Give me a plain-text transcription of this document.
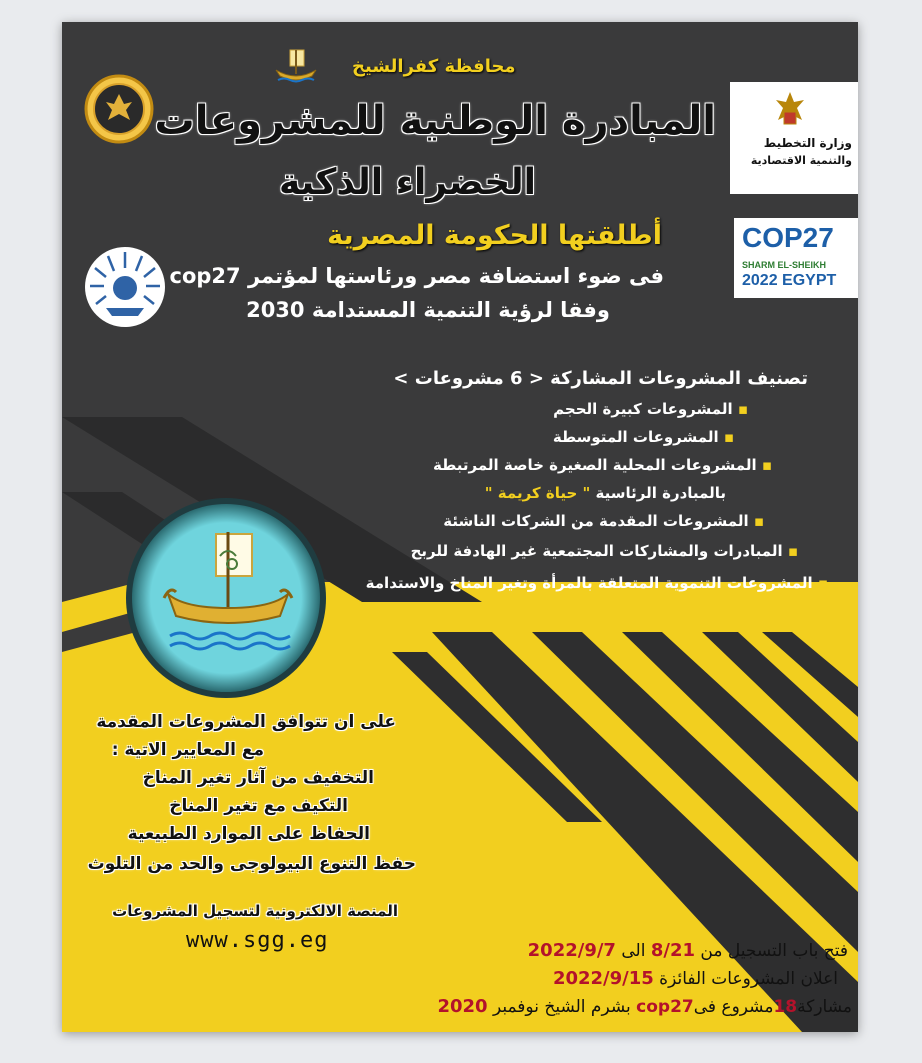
محافظة كفرالشيخ
المبادرة الوطنية للمشروعات
الخضراء الذكية
وزارة التخطيط
والتنمية الاقتصادية
COP27
SHARM EL-SHEIKH
2022 EGYPT
أطلقتها الحكومة المصرية
فى ضوء استضافة مصر ورئاستها لمؤتمر cop27
وفقا لرؤية التنمية المستدامة 2030
تصنيف المشروعات المشاركة < 6 مشروعات >
▪ المشروعات كبيرة الحجم
▪ المشروعات المتوسطة
▪ المشروعات المحلية الصغيرة خاصة المرتبطة
بالمبادرة الرئاسية " حياة كريمة "
▪ المشروعات المقدمة من الشركات الناشئة
▪ المبادرات والمشاركات المجتمعية غير الهادفة للربح
▪ المشروعات التنموية المتعلقة بالمرأة وتغير المناخ والاستدامة
على ان تتوافق المشروعات المقدمة
مع المعايير الاتية :
التخفيف من آثار تغير المناخ
التكيف مع تغير المناخ
الحفاظ على الموارد الطبيعية
حفظ التنوع البيولوجى والحد من التلوث
المنصة الالكترونية لتسجيل المشروعات
www.sgg.eg	فتح باب التسجيل من 8/21 الى 2022/9/7
اعلان المشروعات الفائزة 2022/9/15
مشاركة18مشروع فىcop27 بشرم الشيخ نوفمبر 2020
